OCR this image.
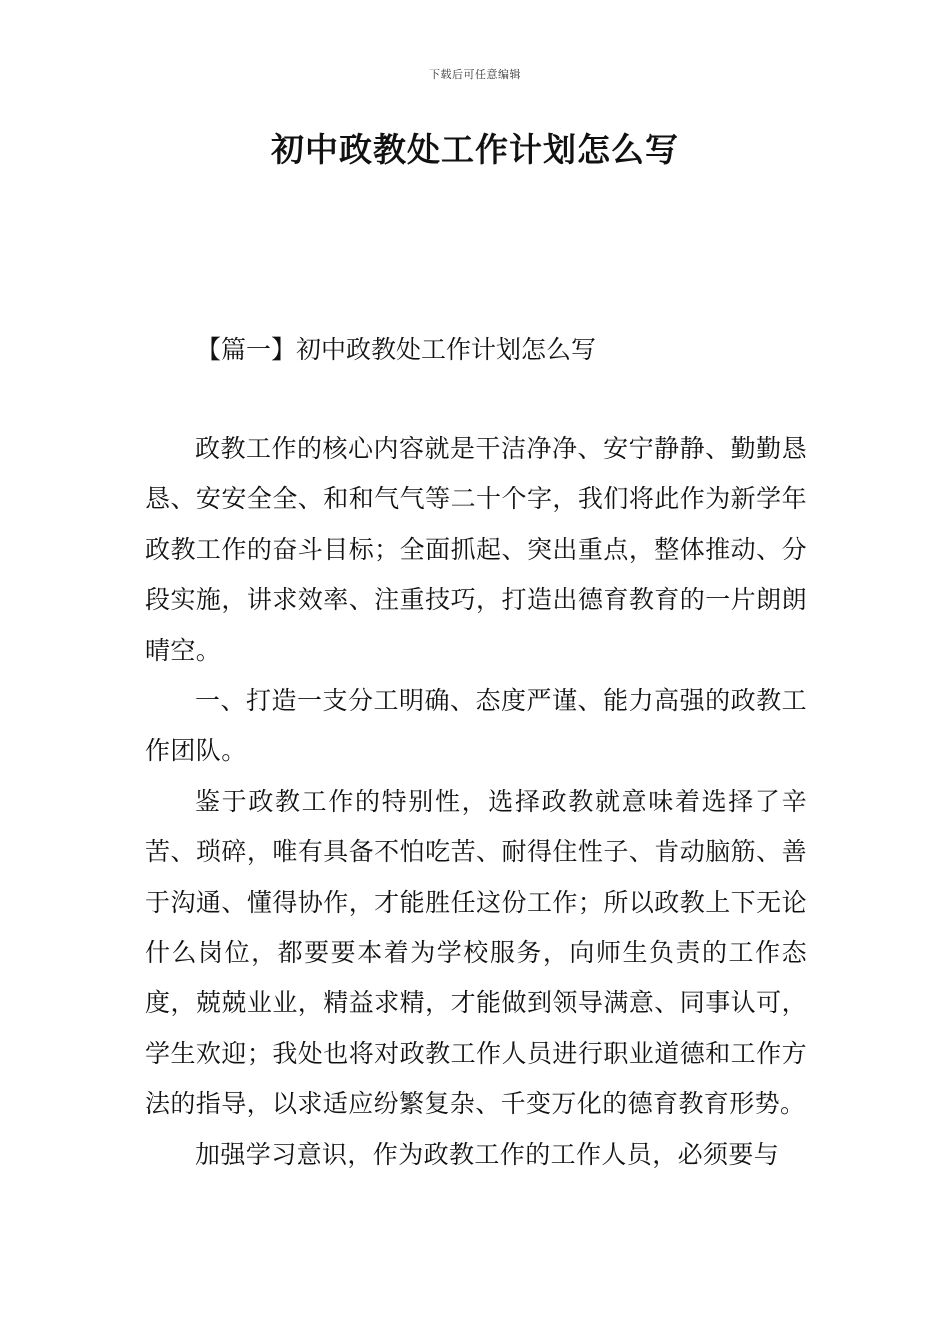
下载后可任意编辑
初中政教处工作计划怎么写
【篇一】初中政教处工作计划怎么写

政教工作的核心内容就是干洁净净、安宁静静、勤勤恳恳、安安全全、和和气气等二十个字，我们将此作为新学年政教工作的奋斗目标；全面抓起、突出重点，整体推动、分段实施，讲求效率、注重技巧，打造出德育教育的一片朗朗晴空。

一、打造一支分工明确、态度严谨、能力高强的政教工作团队。

鉴于政教工作的特别性，选择政教就意味着选择了辛苦、琐碎，唯有具备不怕吃苦、耐得住性子、肯动脑筋、善于沟通、懂得协作，才能胜任这份工作；所以政教上下无论什么岗位，都要要本着为学校服务，向师生负责的工作态度，兢兢业业，精益求精，才能做到领导满意、同事认可，学生欢迎；我处也将对政教工作人员进行职业道德和工作方法的指导，以求适应纷繁复杂、千变万化的德育教育形势。

加强学习意识，作为政教工作的工作人员，必须要与
